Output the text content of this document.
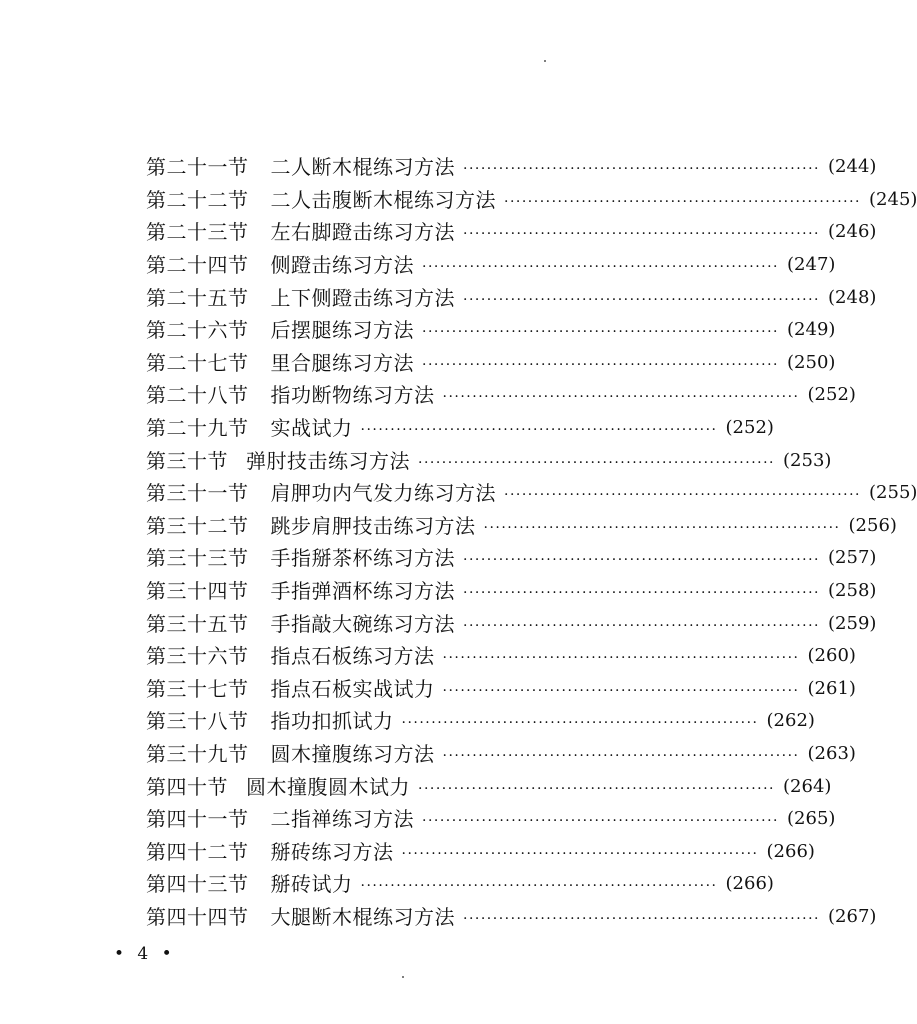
第二十一节 二人断木棍练习方法 ···························································· (244)
第二十二节 二人击腹断木棍练习方法 ···························································· (245)
第二十三节 左右脚蹬击练习方法 ···························································· (246)
第二十四节 侧蹬击练习方法 ···························································· (247)
第二十五节 上下侧蹬击练习方法 ···························································· (248)
第二十六节 后摆腿练习方法 ···························································· (249)
第二十七节 里合腿练习方法 ···························································· (250)
第二十八节 指功断物练习方法 ···························································· (252)
第二十九节 实战试力 ···························································· (252)
第三十节 弹肘技击练习方法 ···························································· (253)
第三十一节 肩胛功内气发力练习方法 ···························································· (255)
第三十二节 跳步肩胛技击练习方法 ···························································· (256)
第三十三节 手指掰茶杯练习方法 ···························································· (257)
第三十四节 手指弹酒杯练习方法 ···························································· (258)
第三十五节 手指敲大碗练习方法 ···························································· (259)
第三十六节 指点石板练习方法 ···························································· (260)
第三十七节 指点石板实战试力 ···························································· (261)
第三十八节 指功扣抓试力 ···························································· (262)
第三十九节 圆木撞腹练习方法 ···························································· (263)
第四十节 圆木撞腹圆木试力 ···························································· (264)
第四十一节 二指禅练习方法 ···························································· (265)
第四十二节 掰砖练习方法 ···························································· (266)
第四十三节 掰砖试力 ···························································· (266)
第四十四节 大腿断木棍练习方法 ···························································· (267)
• 4 •
